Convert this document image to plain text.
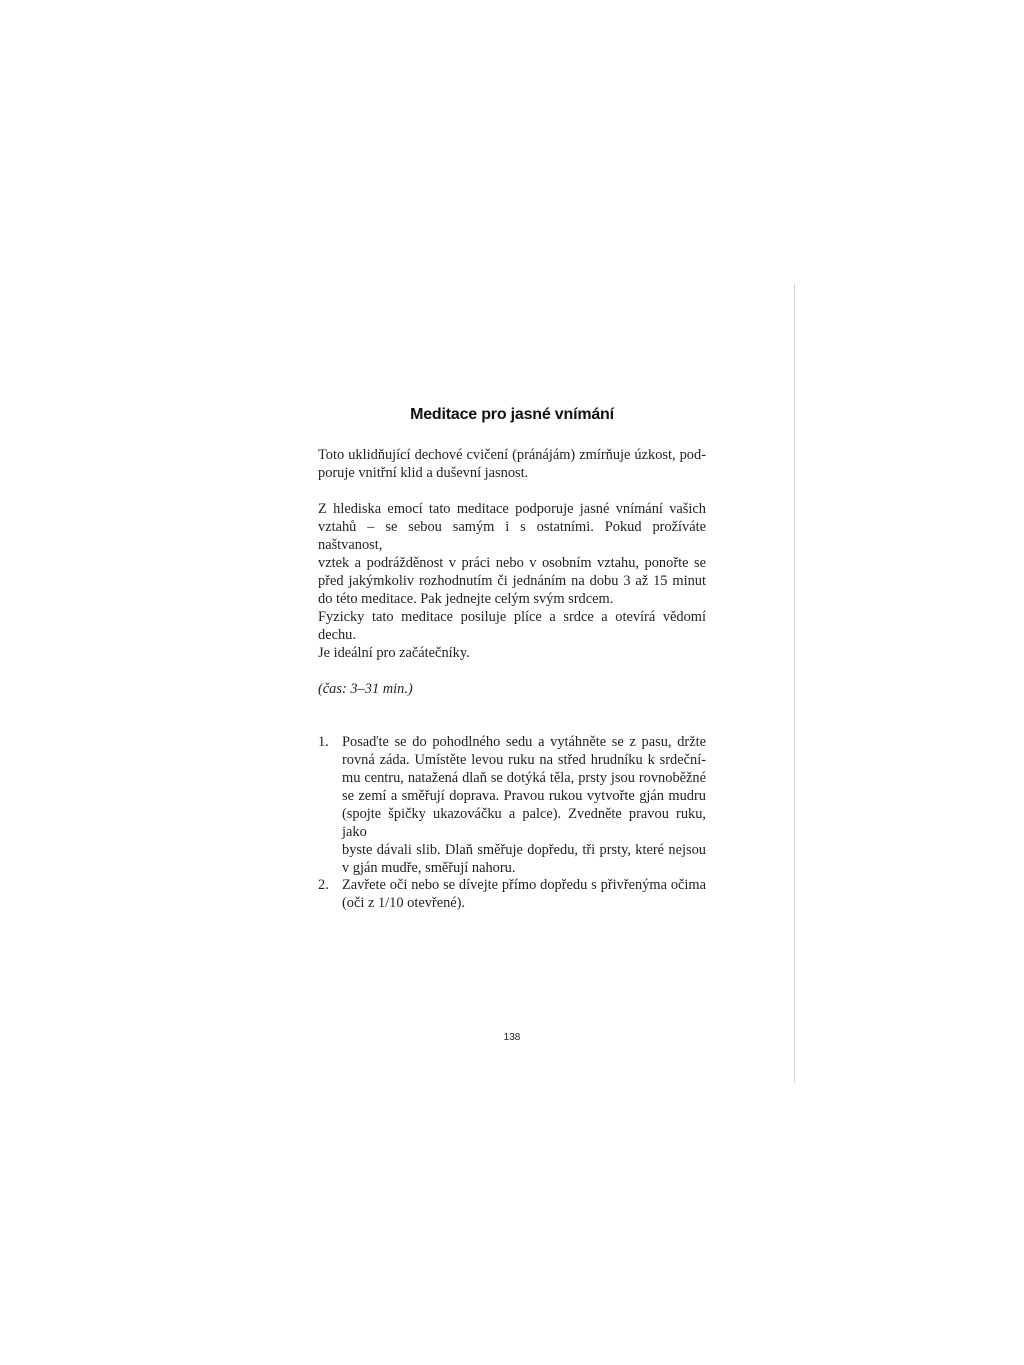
Meditace pro jasné vnímání

Toto uklidňující dechové cvičení (pránájám) zmírňuje úzkost, pod-
poruje vnitřní klid a duševní jasnost.

Z hlediska emocí tato meditace podporuje jasné vnímání vašich
vztahů – se sebou samým i s ostatními. Pokud prožíváte naštvanost,
vztek a podrážděnost v práci nebo v osobním vztahu, ponořte se
před jakýmkoliv rozhodnutím či jednáním na dobu 3 až 15 minut
do této meditace. Pak jednejte celým svým srdcem.

Fyzicky tato meditace posiluje plíce a srdce a otevírá vědomí dechu.
Je ideální pro začátečníky.

(čas: 3–31 min.)

1. Posaďte se do pohodlného sedu a vytáhněte se z pasu, držte
rovná záda. Umístěte levou ruku na střed hrudníku k srdeční-
mu centru, natažená dlaň se dotýká těla, prsty jsou rovnoběžné
se zemí a směřují doprava. Pravou rukou vytvořte gján mudru
(spojte špičky ukazováčku a palce). Zvedněte pravou ruku, jako
byste dávali slib. Dlaň směřuje dopředu, tři prsty, které nejsou
v gján mudře, směřují nahoru.
2. Zavřete oči nebo se dívejte přímo dopředu s přivřenýma očima
(oči z 1/10 otevřené).
138
